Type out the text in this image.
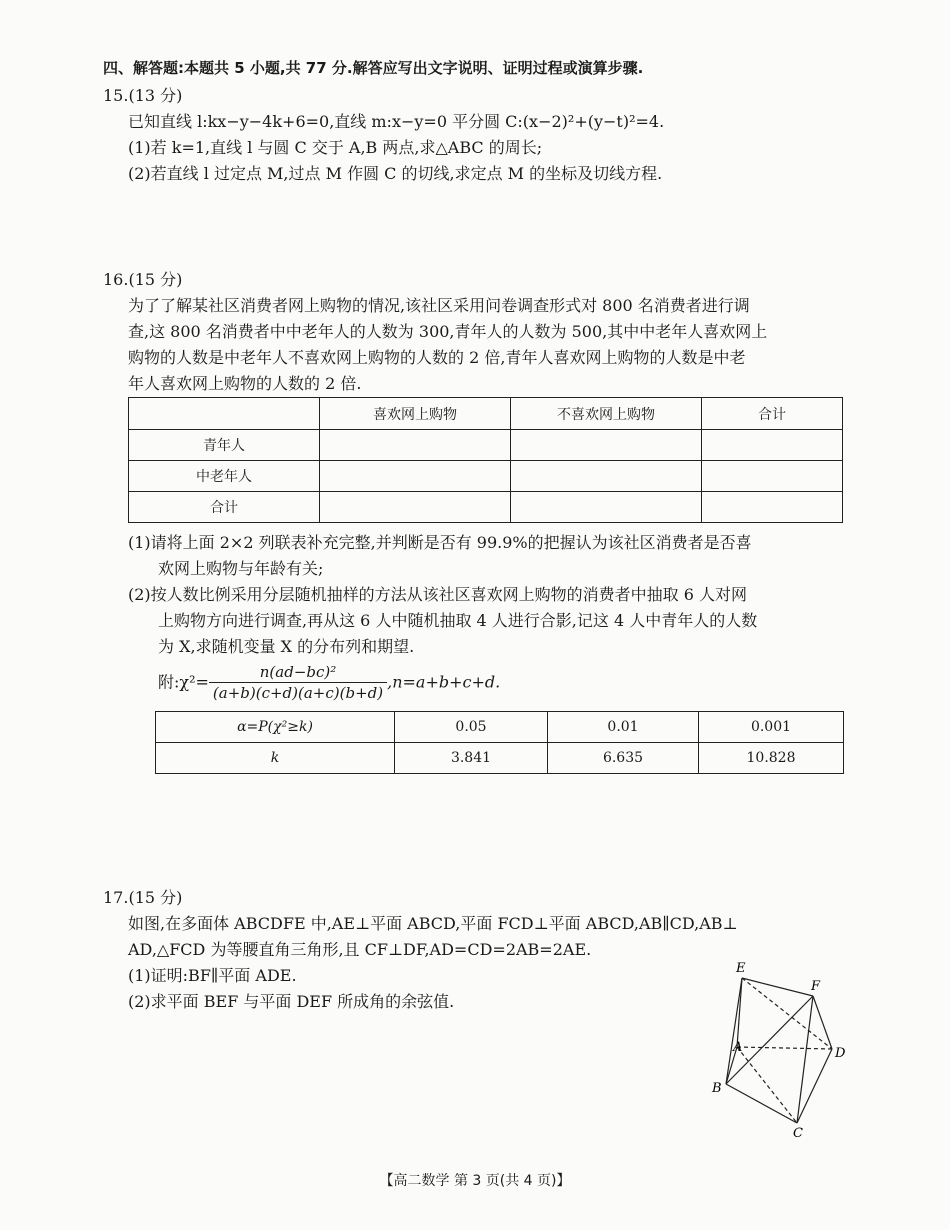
四、解答题:本题共 5 小题,共 77 分.解答应写出文字说明、证明过程或演算步骤.
15.(13 分)
已知直线 l:kx−y−4k+6=0,直线 m:x−y=0 平分圆 C:(x−2)²+(y−t)²=4.
(1)若 k=1,直线 l 与圆 C 交于 A,B 两点,求△ABC 的周长;
(2)若直线 l 过定点 M,过点 M 作圆 C 的切线,求定点 M 的坐标及切线方程.
16.(15 分)
为了了解某社区消费者网上购物的情况,该社区采用问卷调查形式对 800 名消费者进行调
查,这 800 名消费者中中老年人的人数为 300,青年人的人数为 500,其中中老年人喜欢网上
购物的人数是中老年人不喜欢网上购物的人数的 2 倍,青年人喜欢网上购物的人数是中老
年人喜欢网上购物的人数的 2 倍.
	喜欢网上购物	不喜欢网上购物	合计
青年人			
中老年人			
合计			
(1)请将上面 2×2 列联表补充完整,并判断是否有 99.9%的把握认为该社区消费者是否喜
欢网上购物与年龄有关;
(2)按人数比例采用分层随机抽样的方法从该社区喜欢网上购物的消费者中抽取 6 人对网
上购物方向进行调查,再从这 6 人中随机抽取 4 人进行合影,记这 4 人中青年人的人数
为 X,求随机变量 X 的分布列和期望.
附:χ²= $\frac{\text{n(ad−bc)²}}{(a+b)(c+d)(a+c)(b+d)} ,n=a+b+c+d$.
α=P(χ²≥k)	0.05	0.01	0.001
k	3.841	6.635	10.828
17.(15 分)
如图,在多面体 ABCDFE 中,AE⊥平面 ABCD,平面 FCD⊥平面 ABCD,AB∥CD,AB⊥
AD,△FCD 为等腰直角三角形,且 CF⊥DF,AD=CD=2AB=2AE.
(1)证明:BF∥平面 ADE.
(2)求平面 BEF 与平面 DEF 所成角的余弦值.
E
F
A	D
B
C
【高二数学 第 3 页(共 4 页)】
